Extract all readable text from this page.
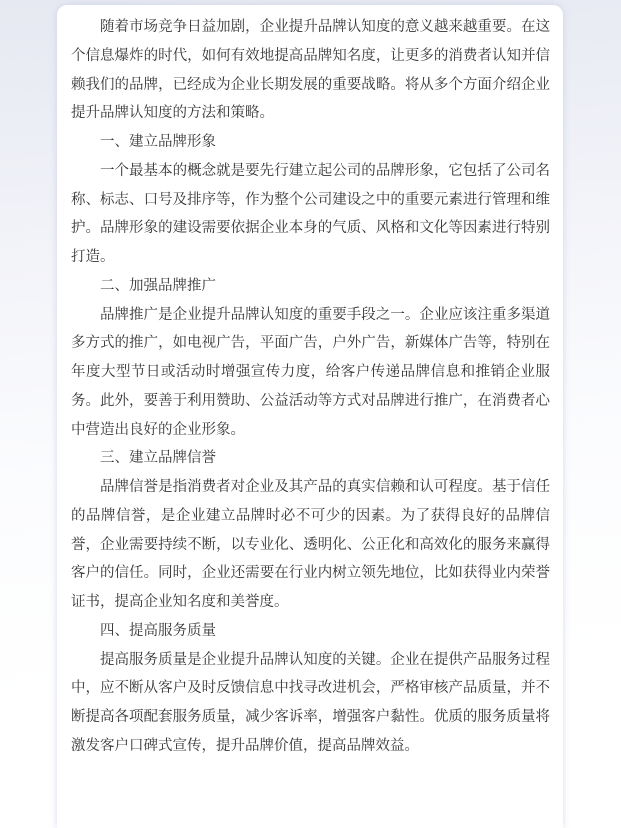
随着市场竞争日益加剧，企业提升品牌认知度的意义越来越重要。在这个信息爆炸的时代，如何有效地提高品牌知名度，让更多的消费者认知并信赖我们的品牌，已经成为企业长期发展的重要战略。将从多个方面介绍企业提升品牌认知度的方法和策略。

一、建立品牌形象

一个最基本的概念就是要先行建立起公司的品牌形象，它包括了公司名称、标志、口号及排序等，作为整个公司建设之中的重要元素进行管理和维护。品牌形象的建设需要依据企业本身的气质、风格和文化等因素进行特别打造。

二、加强品牌推广

品牌推广是企业提升品牌认知度的重要手段之一。企业应该注重多渠道多方式的推广，如电视广告，平面广告，户外广告，新媒体广告等，特别在年度大型节日或活动时增强宣传力度，给客户传递品牌信息和推销企业服务。此外，要善于利用赞助、公益活动等方式对品牌进行推广，在消费者心中营造出良好的企业形象。

三、建立品牌信誉

品牌信誉是指消费者对企业及其产品的真实信赖和认可程度。基于信任的品牌信誉，是企业建立品牌时必不可少的因素。为了获得良好的品牌信誉，企业需要持续不断，以专业化、透明化、公正化和高效化的服务来赢得客户的信任。同时，企业还需要在行业内树立领先地位，比如获得业内荣誉证书，提高企业知名度和美誉度。

四、提高服务质量

提高服务质量是企业提升品牌认知度的关键。企业在提供产品服务过程中，应不断从客户及时反馈信息中找寻改进机会，严格审核产品质量，并不断提高各项配套服务质量，减少客诉率，增强客户黏性。优质的服务质量将激发客户口碑式宣传，提升品牌价值，提高品牌效益。
